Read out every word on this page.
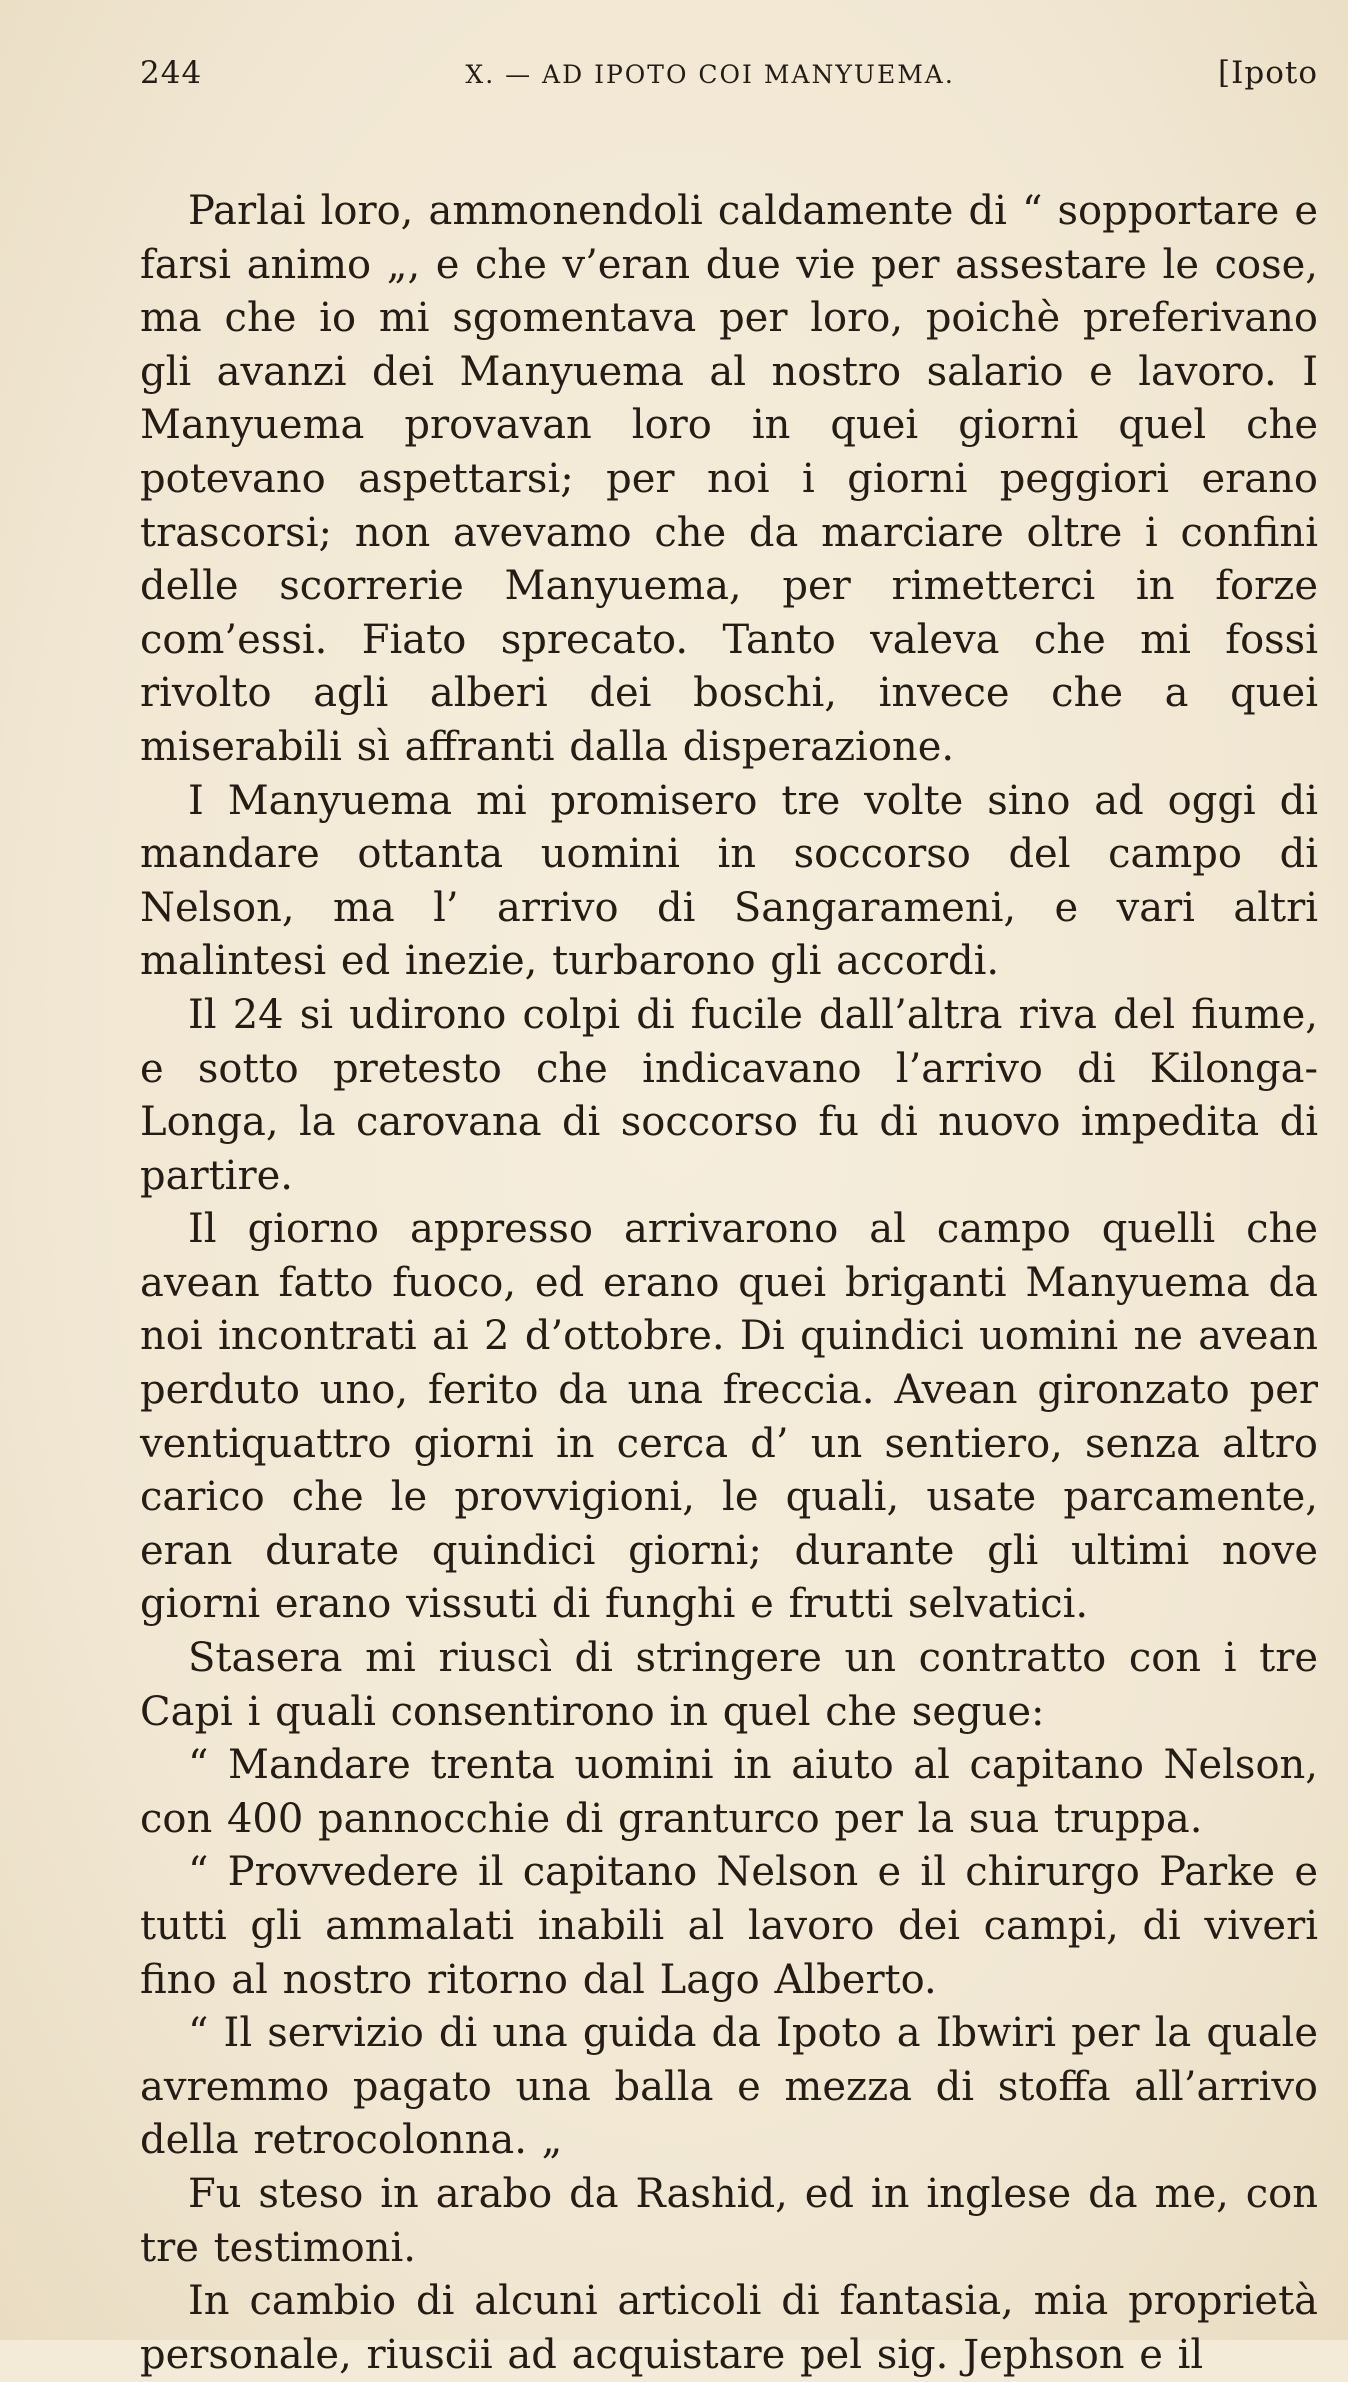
244	X. — AD IPOTO COI MANYUEMA.	[Ipoto

Parlai loro, ammonendoli caldamente di “ sopportare e farsi animo „, e che v’eran due vie per assestare le cose, ma che io mi sgomentava per loro, poichè preferivano gli avanzi dei Manyuema al nostro salario e lavoro. I Manyuema provavan loro in quei giorni quel che potevano aspettarsi; per noi i giorni peggiori erano trascorsi; non avevamo che da marciare oltre i confini delle scorrerie Manyuema, per rimetterci in forze com’essi. Fiato sprecato. Tanto valeva che mi fossi rivolto agli alberi dei boschi, invece che a quei miserabili sì affranti dalla disperazione.

I Manyuema mi promisero tre volte sino ad oggi di mandare ottanta uomini in soccorso del campo di Nelson, ma l’ arrivo di Sangarameni, e vari altri malintesi ed inezie, turbarono gli accordi.

Il 24 si udirono colpi di fucile dall’altra riva del fiume, e sotto pretesto che indicavano l’arrivo di Kilonga-Longa, la carovana di soccorso fu di nuovo impedita di partire.

Il giorno appresso arrivarono al campo quelli che avean fatto fuoco, ed erano quei briganti Manyuema da noi incontrati ai 2 d’ottobre. Di quindici uomini ne avean perduto uno, ferito da una freccia. Avean gironzato per ventiquattro giorni in cerca d’ un sentiero, senza altro carico che le provvigioni, le quali, usate parcamente, eran durate quindici giorni; durante gli ultimi nove giorni erano vissuti di funghi e frutti selvatici.

Stasera mi riuscì di stringere un contratto con i tre Capi i quali consentirono in quel che segue:

“ Mandare trenta uomini in aiuto al capitano Nelson, con 400 pannocchie di granturco per la sua truppa.

“ Provvedere il capitano Nelson e il chirurgo Parke e tutti gli ammalati inabili al lavoro dei campi, di viveri fino al nostro ritorno dal Lago Alberto.

“ Il servizio di una guida da Ipoto a Ibwiri per la quale avremmo pagato una balla e mezza di stoffa all’arrivo della retrocolonna. „

Fu steso in arabo da Rashid, ed in inglese da me, con tre testimoni.

In cambio di alcuni articoli di fantasia, mia proprietà personale, riuscii ad acquistare pel sig. Jephson e il
